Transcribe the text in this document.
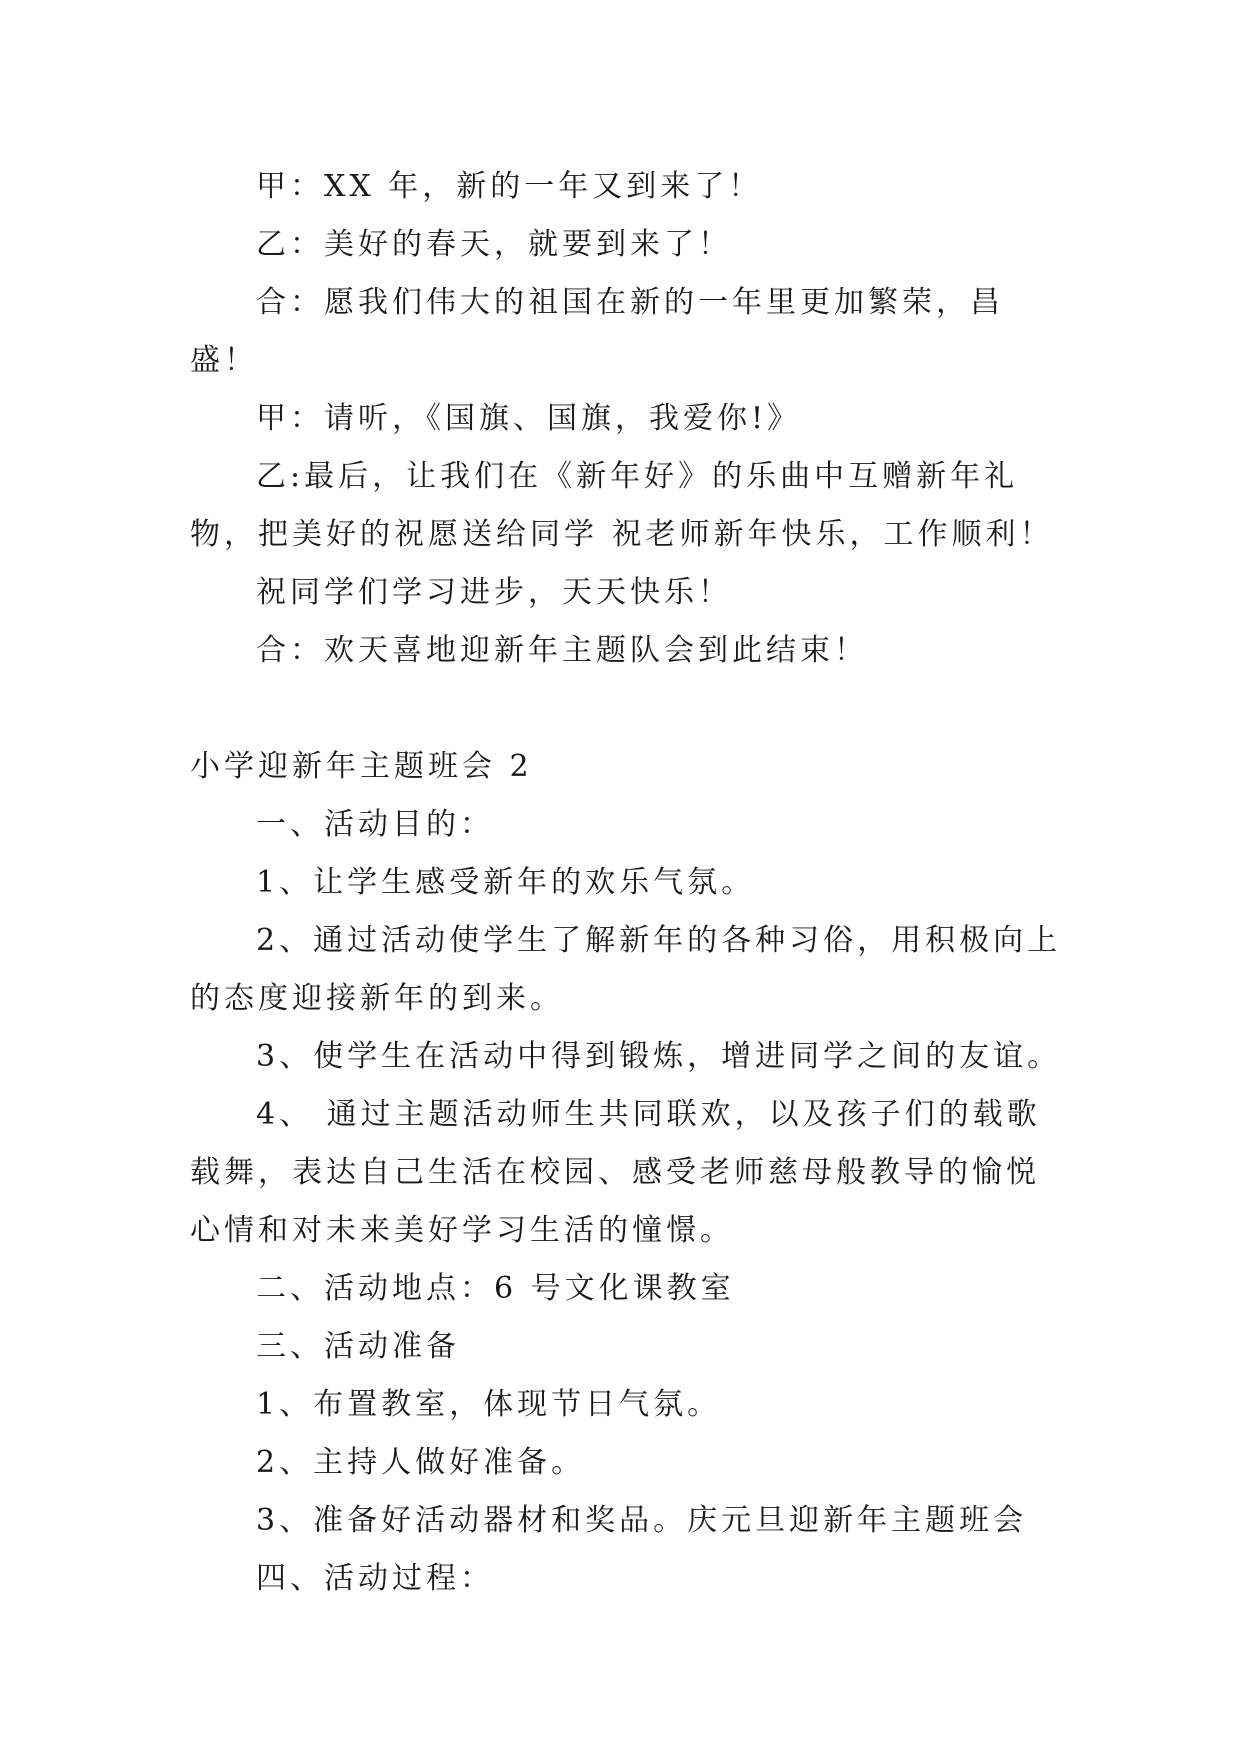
甲：XX 年，新的一年又到来了！

乙：美好的春天，就要到来了！

合：愿我们伟大的祖国在新的一年里更加繁荣，昌盛！

甲：请听，《国旗、国旗，我爱你!》

乙:最后，让我们在《新年好》的乐曲中互赠新年礼物，把美好的祝愿送给同学 祝老师新年快乐，工作顺利！

祝同学们学习进步，天天快乐！

合：欢天喜地迎新年主题队会到此结束！

小学迎新年主题班会 2

一、活动目的：

1、让学生感受新年的欢乐气氛。

2、通过活动使学生了解新年的各种习俗，用积极向上的态度迎接新年的到来。

3、使学生在活动中得到锻炼，增进同学之间的友谊。

4、 通过主题活动师生共同联欢，以及孩子们的载歌载舞，表达自己生活在校园、感受老师慈母般教导的愉悦心情和对未来美好学习生活的憧憬。

二、活动地点：6 号文化课教室

三、活动准备

1、布置教室，体现节日气氛。

2、主持人做好准备。

3、准备好活动器材和奖品。庆元旦迎新年主题班会

四、活动过程：
